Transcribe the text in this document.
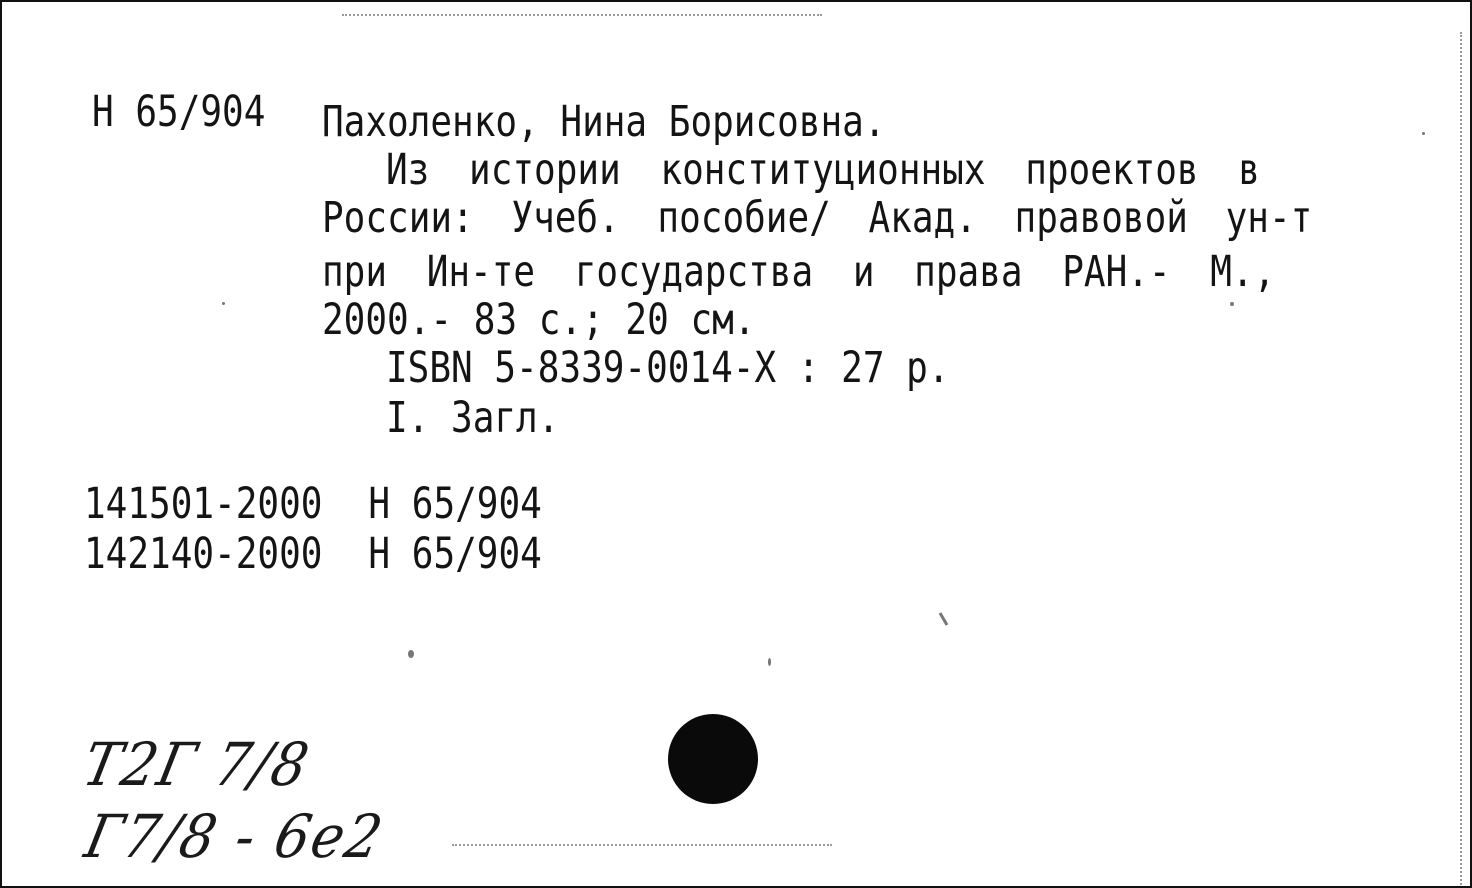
Н 65/904 Пахоленко, Нина Борисовна.

Из истории конституционных проектов в

России: Учеб. пособие/ Акад. правовой ун-т

при Ин-те государства и права РАН.- М.,

2000.- 83 с.; 20 см.

ISBN 5-8339-0014-X : 27 р.

I. Загл.

141501-2000 Н 65/904

142140-2000 Н 65/904

Т2Г 7/8
Г7/8 - 6е2
